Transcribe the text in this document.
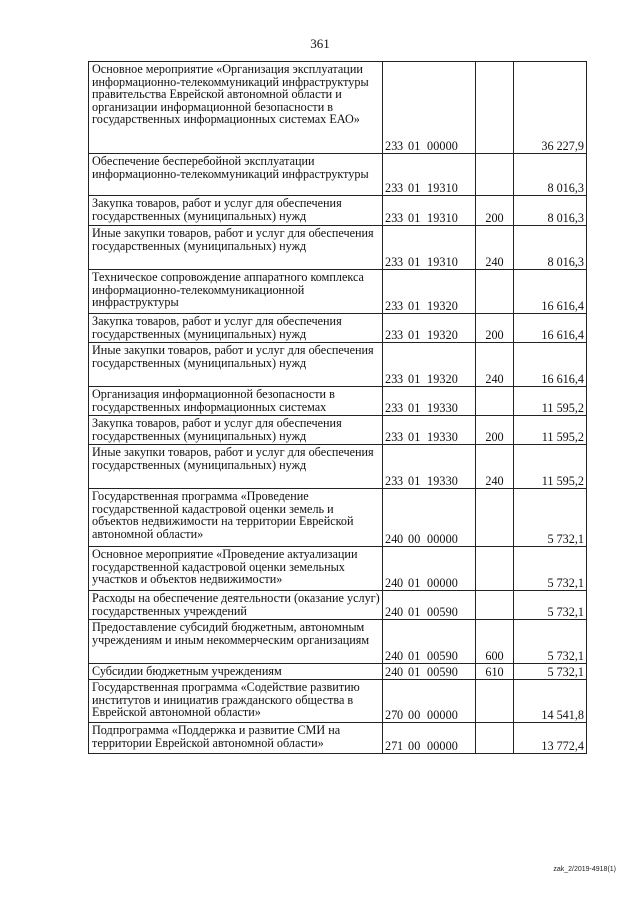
361
Основное мероприятие «Организация эксплуатации информационно-телекоммуникаций инфраструктуры правительства Еврейской автономной области и организации информационной безопасности в государственных информационных системах ЕАО»	233 01 00000		36 227,9
Обеспечение бесперебойной эксплуатации информационно-телекоммуникаций инфраструктуры	233 01 19310		8 016,3
Закупка товаров, работ и услуг для обеспечения государственных (муниципальных) нужд	233 01 19310	200	8 016,3
Иные закупки товаров, работ и услуг для обеспечения государственных (муниципальных) нужд	233 01 19310	240	8 016,3
Техническое сопровождение аппаратного комплекса информационно-телекоммуникационной инфраструктуры	233 01 19320		16 616,4
Закупка товаров, работ и услуг для обеспечения государственных (муниципальных) нужд	233 01 19320	200	16 616,4
Иные закупки товаров, работ и услуг для обеспечения государственных (муниципальных) нужд	233 01 19320	240	16 616,4
Организация информационной безопасности в государственных информационных системах	233 01 19330		11 595,2
Закупка товаров, работ и услуг для обеспечения государственных (муниципальных) нужд	233 01 19330	200	11 595,2
Иные закупки товаров, работ и услуг для обеспечения государственных (муниципальных) нужд	233 01 19330	240	11 595,2
Государственная программа «Проведение государственной кадастровой оценки земель и объектов недвижимости на территории Еврейской автономной области»	240 00 00000		5 732,1
Основное мероприятие «Проведение актуализации государственной кадастровой оценки земельных участков и объектов недвижимости»	240 01 00000		5 732,1
Расходы на обеспечение деятельности (оказание услуг) государственных учреждений	240 01 00590		5 732,1
Предоставление субсидий бюджетным, автономным учреждениям и иным некоммерческим организациям	240 01 00590	600	5 732,1
Субсидии бюджетным учреждениям	240 01 00590	610	5 732,1
Государственная программа «Содействие развитию институтов и инициатив гражданского общества в Еврейской автономной области»	270 00 00000		14 541,8
Подпрограмма «Поддержка и развитие СМИ на территории Еврейской автономной области»	271 00 00000		13 772,4
zak_2/2019-4918(1)
